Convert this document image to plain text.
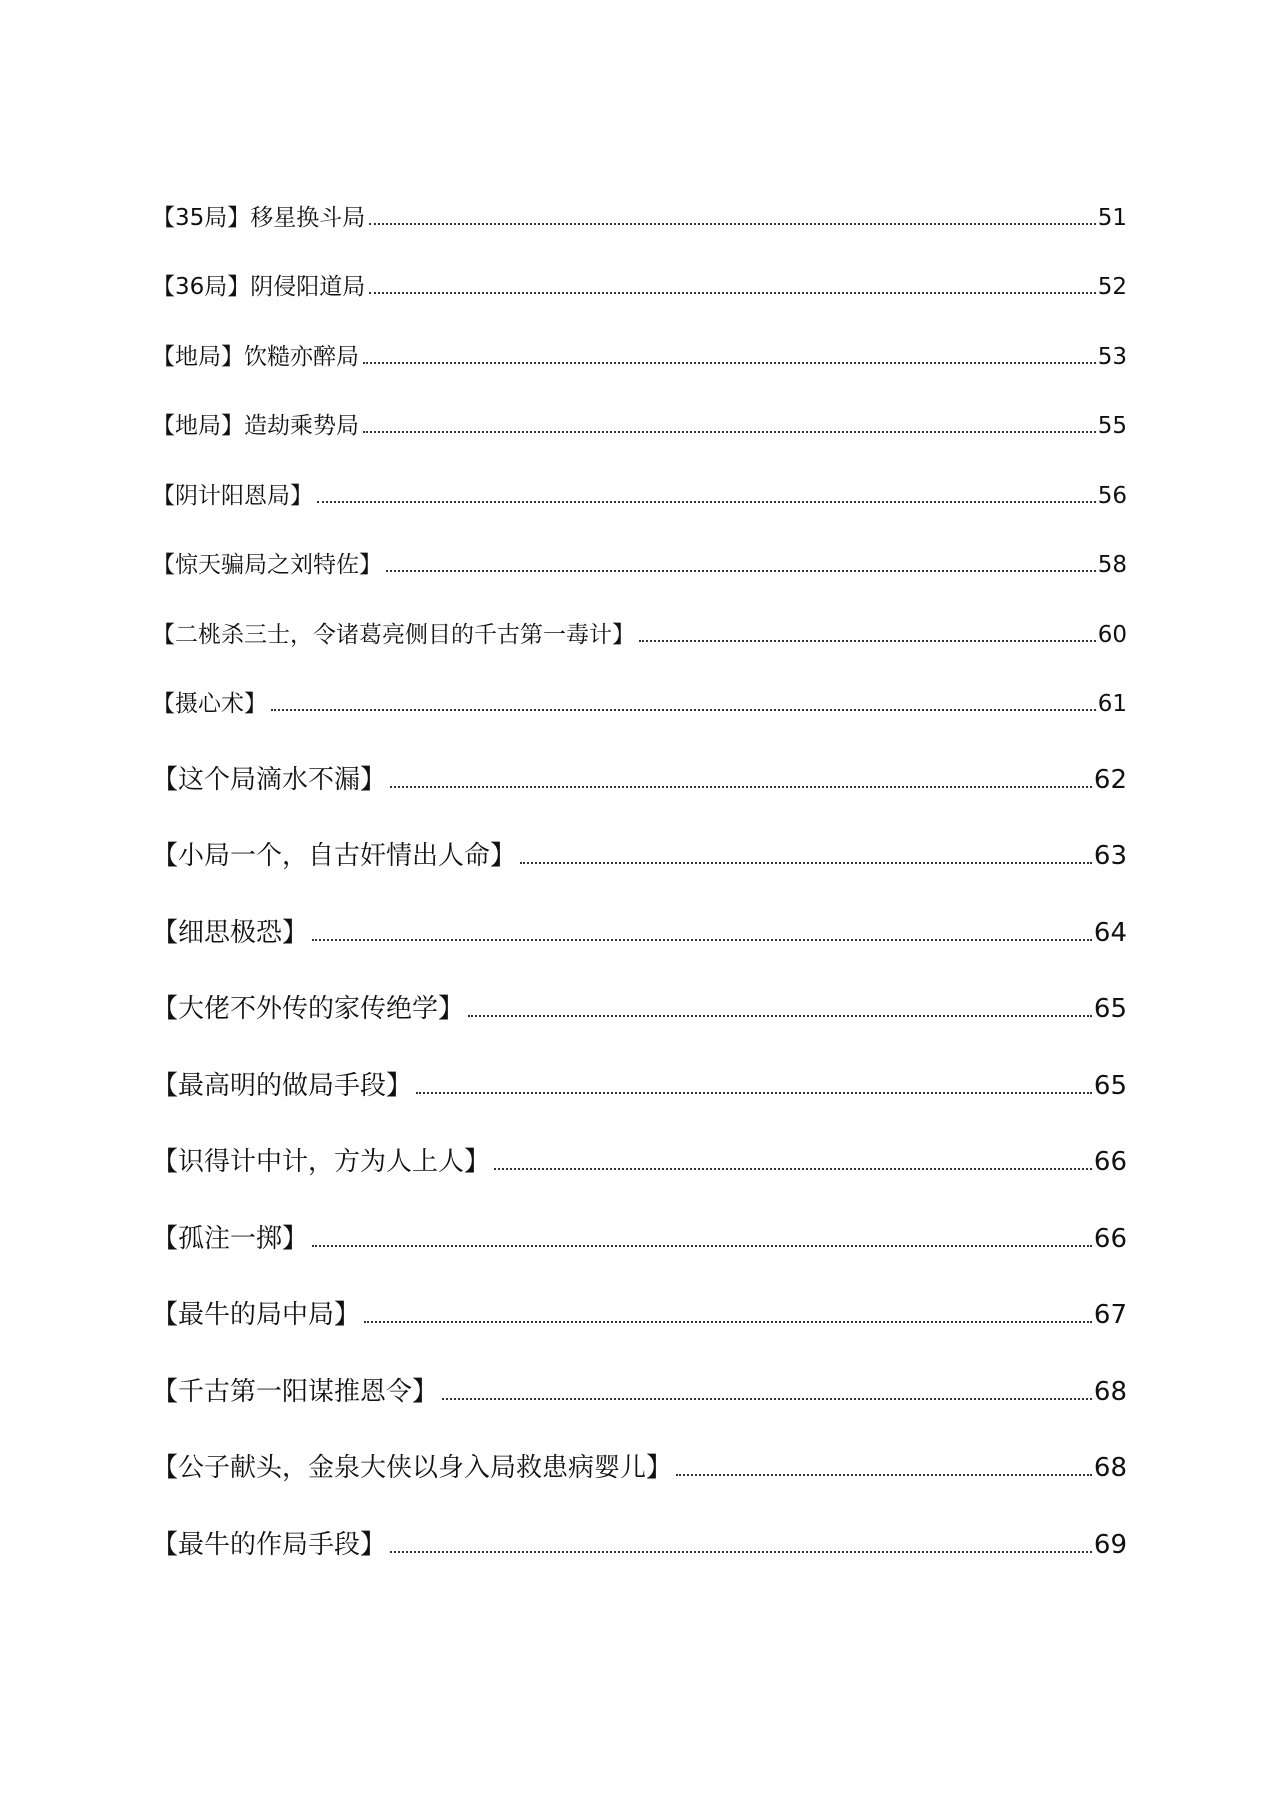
【35局】移星换斗局	51
【36局】阴侵阳道局	52
【地局】饮糙亦醉局	53
【地局】造劫乘势局	55
【阴计阳恩局】	56
【惊天骗局之刘特佐】	58
【二桃杀三士，令诸葛亮侧目的千古第一毒计】	60
【摄心术】	61
【这个局滴水不漏】	62
【小局一个，自古奸情出人命】	63
【细思极恐】	64
【大佬不外传的家传绝学】	65
【最高明的做局手段】	65
【识得计中计，方为人上人】	66
【孤注一掷】	66
【最牛的局中局】	67
【千古第一阳谋推恩令】	68
【公子献头，金泉大侠以身入局救患病婴儿】	68
【最牛的作局手段】	69
